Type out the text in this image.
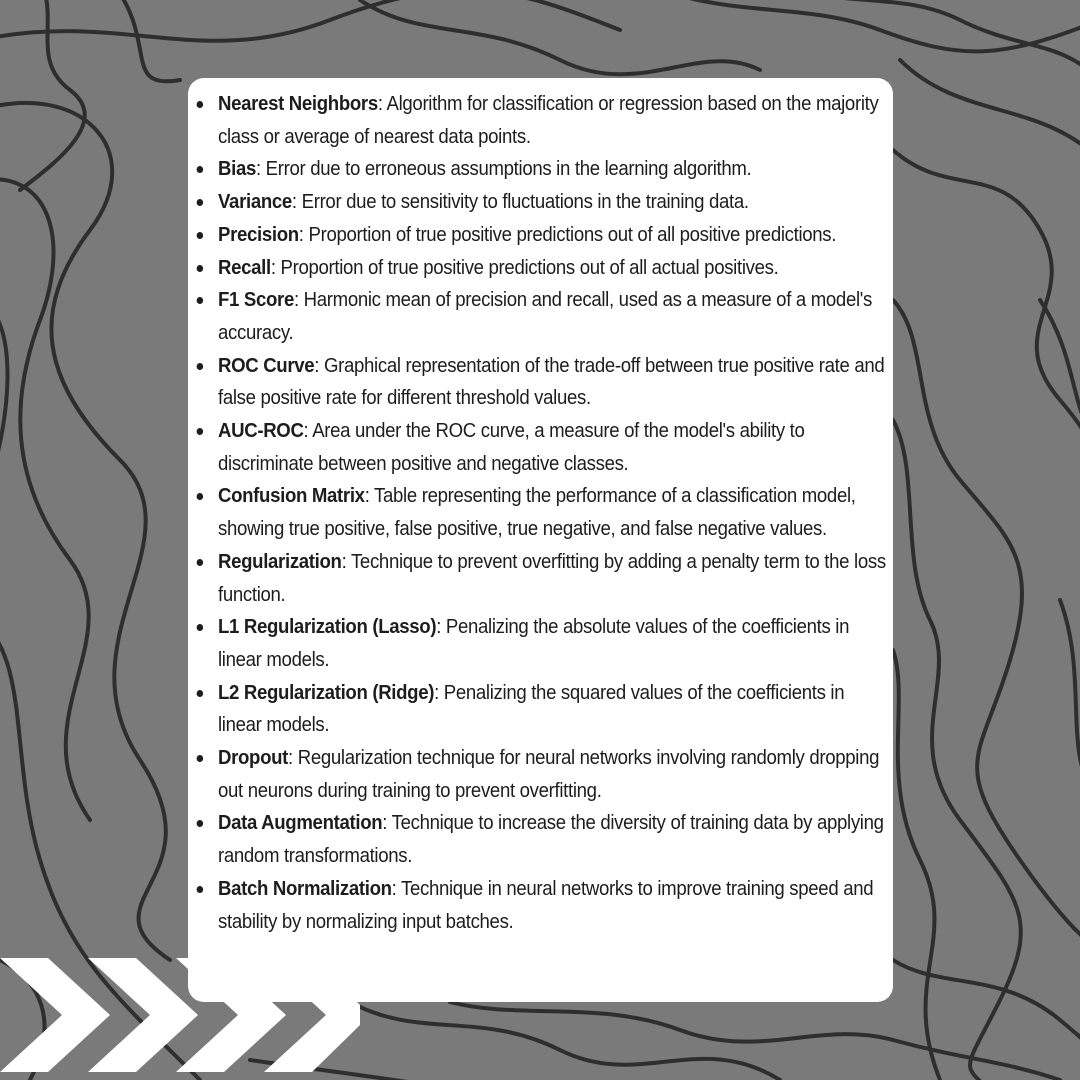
Nearest Neighbors: Algorithm for classification or regression based on the majority class or average of nearest data points.
Bias: Error due to erroneous assumptions in the learning algorithm.
Variance: Error due to sensitivity to fluctuations in the training data.
Precision: Proportion of true positive predictions out of all positive predictions.
Recall: Proportion of true positive predictions out of all actual positives.
F1 Score: Harmonic mean of precision and recall, used as a measure of a model's accuracy.
ROC Curve: Graphical representation of the trade-off between true positive rate and false positive rate for different threshold values.
AUC-ROC: Area under the ROC curve, a measure of the model's ability to discriminate between positive and negative classes.
Confusion Matrix: Table representing the performance of a classification model, showing true positive, false positive, true negative, and false negative values.
Regularization: Technique to prevent overfitting by adding a penalty term to the loss function.
L1 Regularization (Lasso): Penalizing the absolute values of the coefficients in linear models.
L2 Regularization (Ridge): Penalizing the squared values of the coefficients in linear models.
Dropout: Regularization technique for neural networks involving randomly dropping out neurons during training to prevent overfitting.
Data Augmentation: Technique to increase the diversity of training data by applying random transformations.
Batch Normalization: Technique in neural networks to improve training speed and stability by normalizing input batches.
